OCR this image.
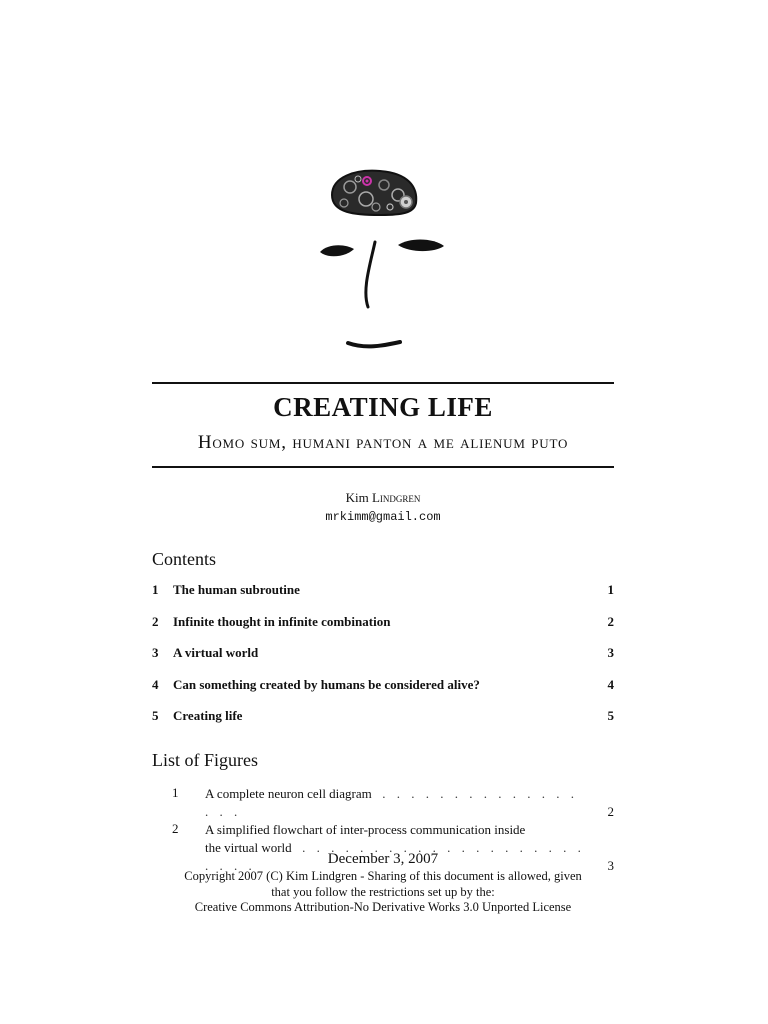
CREATING LIFE
Homo sum, humani panton a me alienum puto
Kim Lindgren
mrkimm@gmail.com
Contents
1 The human subroutine	1
2 Infinite thought in infinite combination	2
3 A virtual world	3
4 Can something created by humans be considered alive?	4
5 Creating life	5
List of Figures
1 A complete neuron cell diagram  . . . . . . . . . . . . . . . . .	2
2 A simplified flowchart of inter-process communication inside
the virtual world  . . . . . . . . . . . . . . . . . . . . . . . .	3
December 3, 2007
Copyright 2007 (C) Kim Lindgren - Sharing of this document is allowed, given
that you follow the restrictions set up by the:
Creative Commons Attribution-No Derivative Works 3.0 Unported License
